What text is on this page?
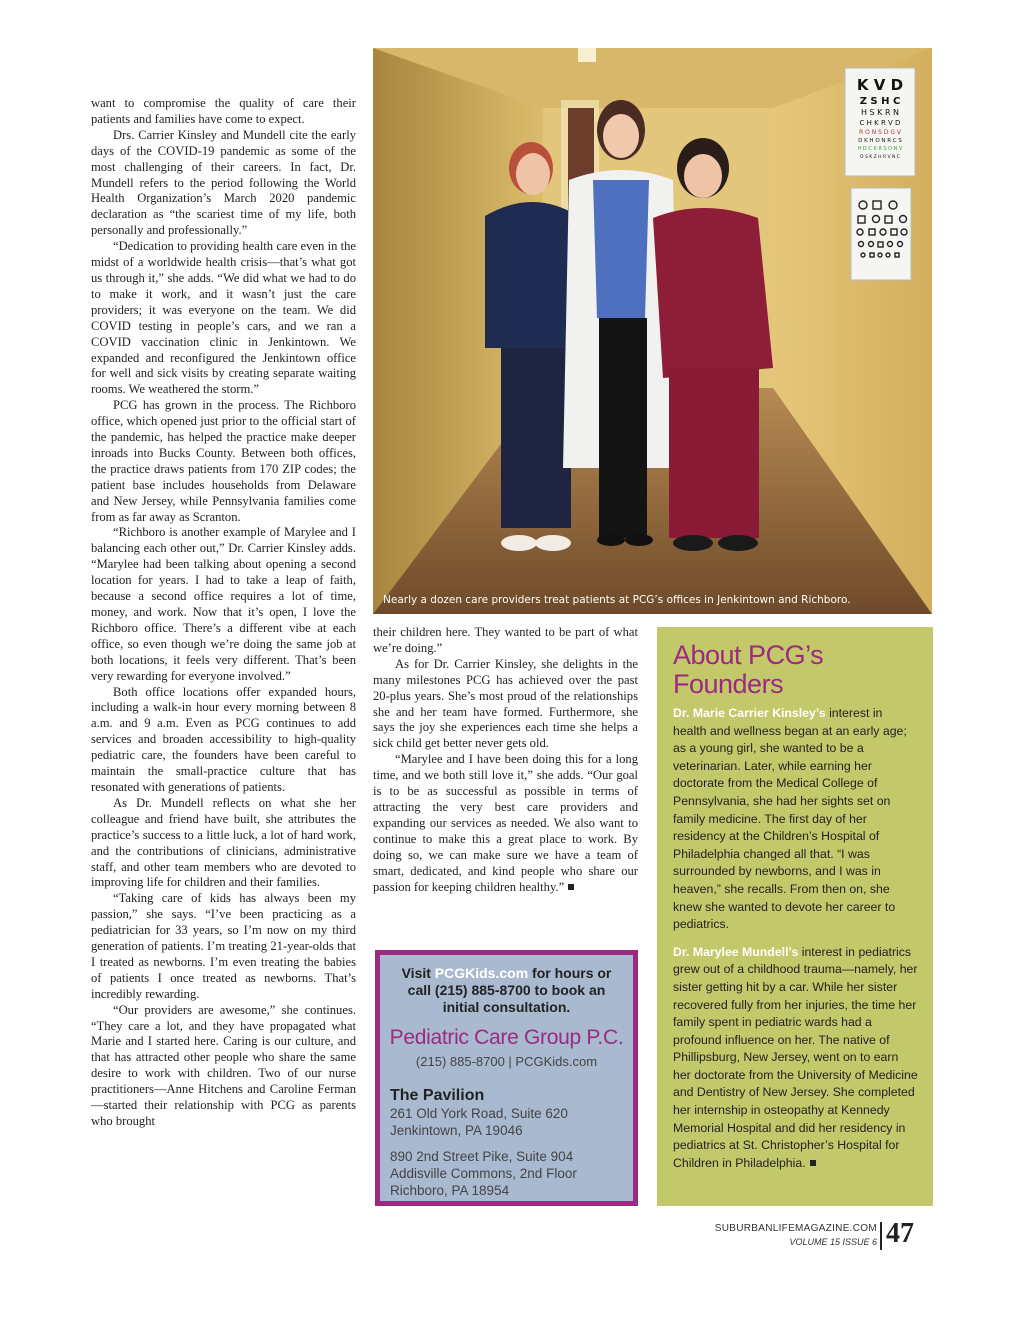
want to compromise the quality of care their patients and families have come to expect.

Drs. Carrier Kinsley and Mundell cite the early days of the COVID-19 pandemic as some of the most challenging of their careers. In fact, Dr. Mundell refers to the period following the World Health Organization’s March 2020 pandemic declaration as “the scariest time of my life, both personally and professionally.”

“Dedication to providing health care even in the midst of a worldwide health crisis—that’s what got us through it,” she adds. “We did what we had to do to make it work, and it wasn’t just the care providers; it was everyone on the team. We did COVID testing in people’s cars, and we ran a COVID vaccination clinic in Jenkintown. We expanded and reconfigured the Jenkintown office for well and sick visits by creating separate waiting rooms. We weathered the storm.”

PCG has grown in the process. The Richboro office, which opened just prior to the official start of the pandemic, has helped the practice make deeper inroads into Bucks County. Between both offices, the practice draws patients from 170 ZIP codes; the patient base includes households from Delaware and New Jersey, while Pennsylvania families come from as far away as Scranton.

“Richboro is another example of Marylee and I balancing each other out,” Dr. Carrier Kinsley adds. “Marylee had been talking about opening a second location for years. I had to take a leap of faith, because a second office requires a lot of time, money, and work. Now that it’s open, I love the Richboro office. There’s a different vibe at each office, so even though we’re doing the same job at both locations, it feels very different. That’s been very rewarding for everyone involved.”

Both office locations offer expanded hours, including a walk-in hour every morning between 8 a.m. and 9 a.m. Even as PCG continues to add services and broaden accessibility to high-quality pediatric care, the founders have been careful to maintain the small-practice culture that has resonated with generations of patients.

As Dr. Mundell reflects on what she her colleague and friend have built, she attributes the practice’s success to a little luck, a lot of hard work, and the contributions of clinicians, administrative staff, and other team members who are devoted to improving life for children and their families.

“Taking care of kids has always been my passion,” she says. “I’ve been practicing as a pediatrician for 33 years, so I’m now on my third generation of patients. I’m treating 21-year-olds that I treated as newborns. I’m even treating the babies of patients I once treated as newborns. That’s incredibly rewarding.

“Our providers are awesome,” she continues. “They care a lot, and they have propagated what Marie and I started here. Caring is our culture, and that has attracted other people who share the same desire to work with children. Two of our nurse practitioners—Anne Hitchens and Caroline Ferman—started their relationship with PCG as parents who brought

K V D
Z S H C
H S K R N
C H K R V D
R O N S D G V
D K H O N R C S
H D C K R S O N V
O S K Z H R V N C
Nearly a dozen care providers treat patients at PCG’s offices in Jenkintown and Richboro.

their children here. They wanted to be part of what we’re doing.”

As for Dr. Carrier Kinsley, she delights in the many milestones PCG has achieved over the past 20-plus years. She’s most proud of the relationships she and her team have formed. Furthermore, she says the joy she experiences each time she helps a sick child get better never gets old.

“Marylee and I have been doing this for a long time, and we both still love it,” she adds. “Our goal is to be as successful as possible in terms of attracting the very best care providers and expanding our services as needed. We also want to continue to make this a great place to work. By doing so, we can make sure we have a team of smart, dedicated, and kind people who share our passion for keeping children healthy.”

Visit PCGKids.com for hours or call (215) 885-8700 to book an initial consultation.
Pediatric Care Group P.C.
(215) 885-8700 | PCGKids.com
The Pavilion
261 Old York Road, Suite 620
Jenkintown, PA 19046
890 2nd Street Pike, Suite 904
Addisville Commons, 2nd Floor
Richboro, PA 18954
About PCG’s
Founders
Dr. Marie Carrier Kinsley’s interest in health and wellness began at an early age; as a young girl, she wanted to be a veterinarian. Later, while earning her doctorate from the Medical College of Pennsylvania, she had her sights set on family medicine. The first day of her residency at the Children’s Hospital of Philadelphia changed all that. “I was surrounded by newborns, and I was in heaven,” she recalls. From then on, she knew she wanted to devote her career to pediatrics.
Dr. Marylee Mundell’s interest in pediatrics grew out of a childhood trauma—namely, her sister getting hit by a car. While her sister recovered fully from her injuries, the time her family spent in pediatric wards had a profound influence on her. The native of Phillipsburg, New Jersey, went on to earn her doctorate from the University of Medicine and Dentistry of New Jersey. She completed her internship in osteopathy at Kennedy Memorial Hospital and did her residency in pediatrics at St. Christopher’s Hospital for Children in Philadelphia.
SUBURBANLIFEMAGAZINE.COM
VOLUME 15 ISSUE 6 47
